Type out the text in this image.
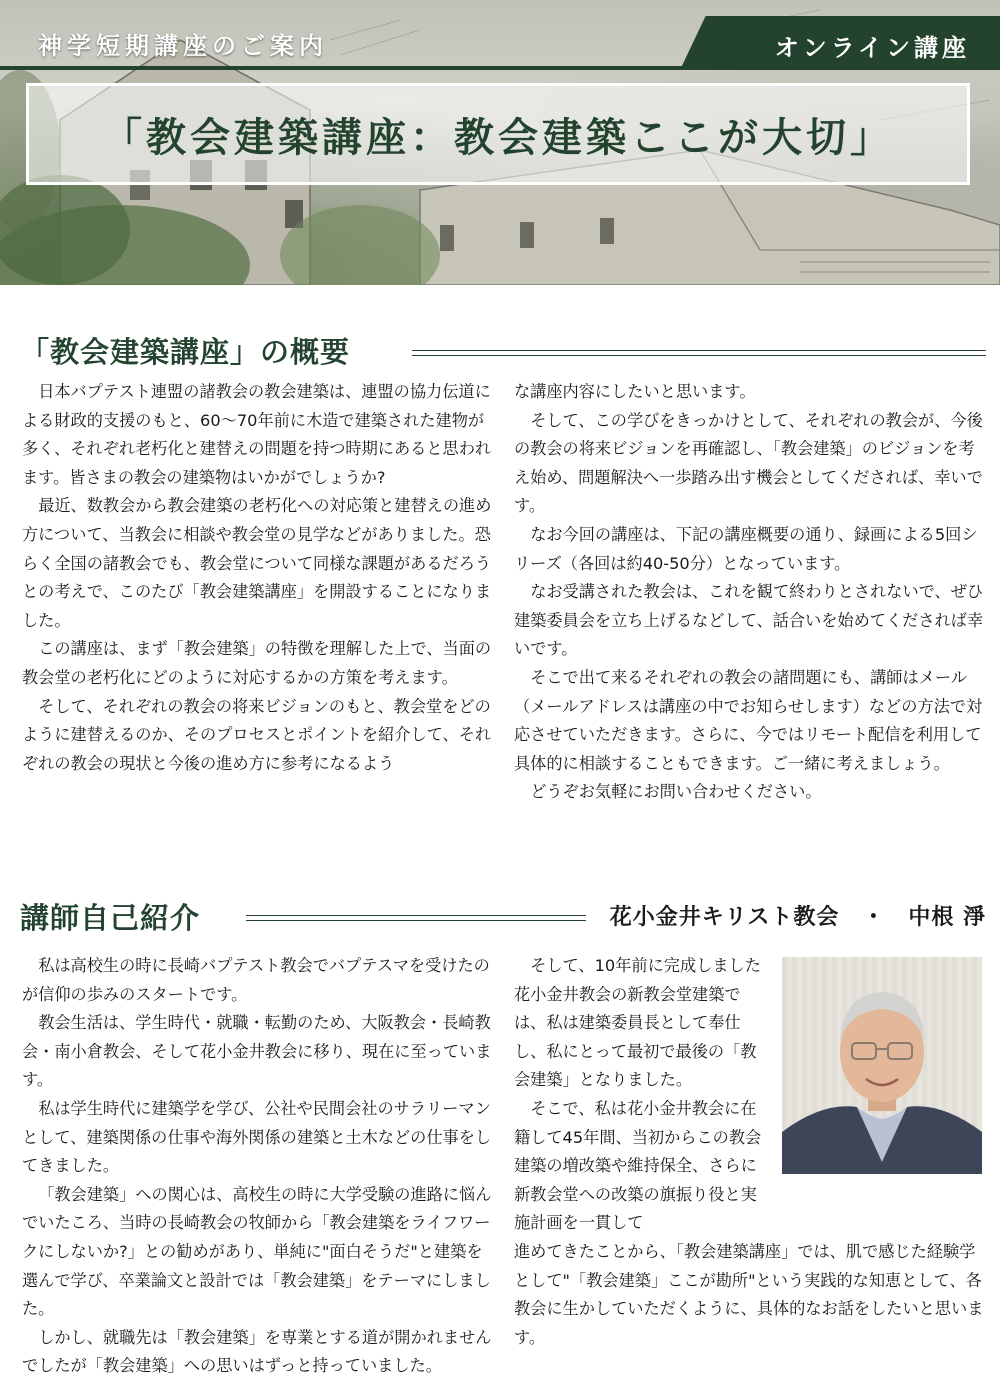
神学短期講座のご案内	オンライン講座
「教会建築講座：教会建築ここが大切」
「教会建築講座」の概要

日本バプテスト連盟の諸教会の教会建築は、連盟の協力伝道による財政的支援のもと、60〜70年前に木造で建築された建物が多く、それぞれ老朽化と建替えの問題を持つ時期にあると思われます。皆さまの教会の建築物はいかがでしょうか?

最近、数教会から教会建築の老朽化への対応策と建替えの進め方について、当教会に相談や教会堂の見学などがありました。恐らく全国の諸教会でも、教会堂について同様な課題があるだろうとの考えで、このたび「教会建築講座」を開設することになりました。

この講座は、まず「教会建築」の特徴を理解した上で、当面の教会堂の老朽化にどのように対応するかの方策を考えます。

そして、それぞれの教会の将来ビジョンのもと、教会堂をどのように建替えるのか、そのプロセスとポイントを紹介して、それぞれの教会の現状と今後の進め方に参考になるよう

な講座内容にしたいと思います。

そして、この学びをきっかけとして、それぞれの教会が、今後の教会の将来ビジョンを再確認し、「教会建築」のビジョンを考え始め、問題解決へ一歩踏み出す機会としてくだされば、幸いです。

なお今回の講座は、下記の講座概要の通り、録画による5回シリーズ（各回は約40-50分）となっています。

なお受講された教会は、これを観て終わりとされないで、ぜひ建築委員会を立ち上げるなどして、話合いを始めてくだされば幸いです。

そこで出て来るそれぞれの教会の諸問題にも、講師はメール（メールアドレスは講座の中でお知らせします）などの方法で対応させていただきます。さらに、今ではリモート配信を利用して具体的に相談することもできます。ご一緒に考えましょう。

どうぞお気軽にお問い合わせください。

講師自己紹介	花小金井キリスト教会　・　中根 淨

私は高校生の時に長崎バプテスト教会でバプテスマを受けたのが信仰の歩みのスタートです。

教会生活は、学生時代・就職・転勤のため、大阪教会・長崎教会・南小倉教会、そして花小金井教会に移り、現在に至っています。

私は学生時代に建築学を学び、公社や民間会社のサラリーマンとして、建築関係の仕事や海外関係の建築と土木などの仕事をしてきました。

「教会建築」への関心は、高校生の時に大学受験の進路に悩んでいたころ、当時の長崎教会の牧師から「教会建築をライフワークにしないか?」との勧めがあり、単純に"面白そうだ"と建築を選んで学び、卒業論文と設計では「教会建築」をテーマにしました。

しかし、就職先は「教会建築」を専業とする道が開かれませんでしたが「教会建築」への思いはずっと持っていました。

そして、10年前に完成しました花小金井教会の新教会堂建築では、私は建築委員長として奉仕し、私にとって最初で最後の「教会建築」となりました。

そこで、私は花小金井教会に在籍して45年間、当初からこの教会建築の増改築や維持保全、さらに新教会堂への改築の旗振り役と実施計画を一貫して

進めてきたことから、「教会建築講座」では、肌で感じた経験学として"「教会建築」ここが勘所"という実践的な知恵として、各教会に生かしていただくように、具体的なお話をしたいと思います。
